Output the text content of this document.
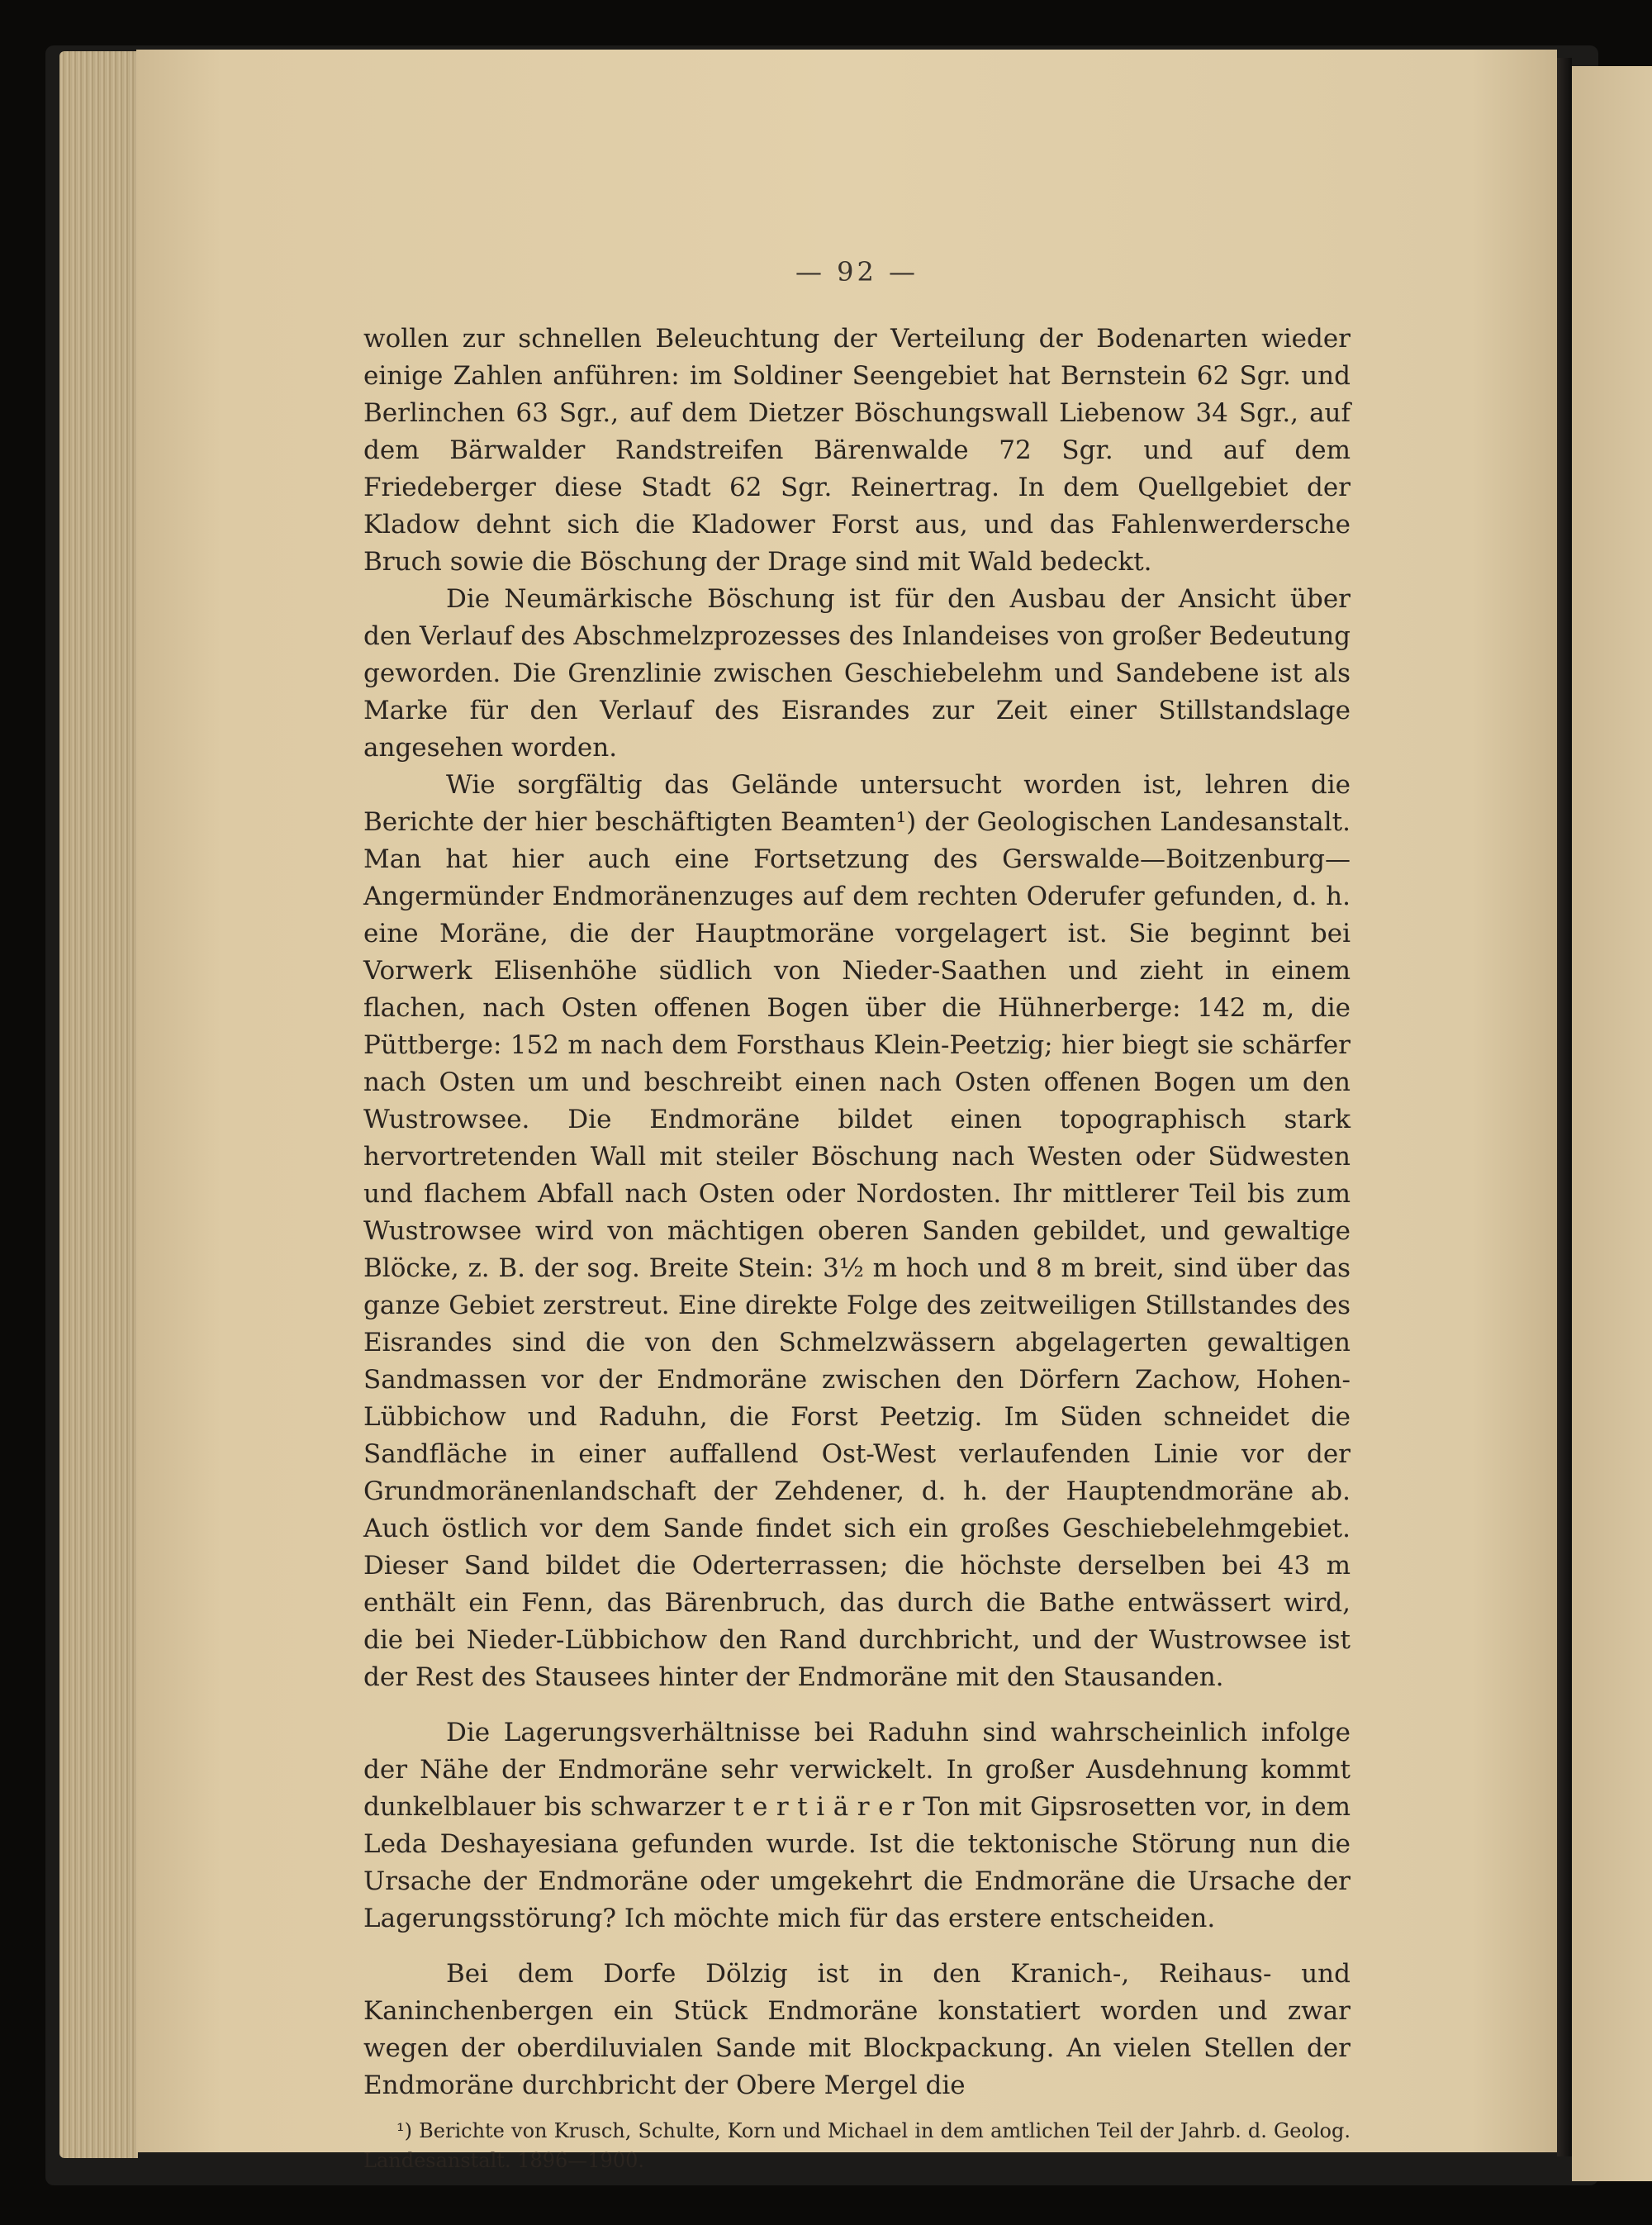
— 92 —

wollen zur schnellen Beleuchtung der Verteilung der Bodenarten wieder einige Zahlen anführen: im Soldiner Seengebiet hat Bernstein 62 Sgr. und Berlinchen 63 Sgr., auf dem Dietzer Böschungswall Liebenow 34 Sgr., auf dem Bärwalder Randstreifen Bärenwalde 72 Sgr. und auf dem Friedeberger diese Stadt 62 Sgr. Reinertrag. In dem Quellgebiet der Kladow dehnt sich die Kladower Forst aus, und das Fahlenwerdersche Bruch sowie die Böschung der Drage sind mit Wald bedeckt.

Die Neumärkische Böschung ist für den Ausbau der Ansicht über den Verlauf des Abschmelzprozesses des Inlandeises von großer Bedeutung geworden. Die Grenzlinie zwischen Geschiebelehm und Sandebene ist als Marke für den Verlauf des Eisrandes zur Zeit einer Stillstandslage angesehen worden.

Wie sorgfältig das Gelände untersucht worden ist, lehren die Berichte der hier beschäftigten Beamten¹) der Geologischen Landesanstalt. Man hat hier auch eine Fortsetzung des Gerswalde—Boitzenburg—Angermünder Endmoränenzuges auf dem rechten Oderufer gefunden, d. h. eine Moräne, die der Hauptmoräne vorgelagert ist. Sie beginnt bei Vorwerk Elisenhöhe südlich von Nieder-Saathen und zieht in einem flachen, nach Osten offenen Bogen über die Hühnerberge: 142 m, die Püttberge: 152 m nach dem Forsthaus Klein-Peetzig; hier biegt sie schärfer nach Osten um und beschreibt einen nach Osten offenen Bogen um den Wustrowsee. Die Endmoräne bildet einen topographisch stark hervortretenden Wall mit steiler Böschung nach Westen oder Südwesten und flachem Abfall nach Osten oder Nordosten. Ihr mittlerer Teil bis zum Wustrowsee wird von mächtigen oberen Sanden gebildet, und gewaltige Blöcke, z. B. der sog. Breite Stein: 3½ m hoch und 8 m breit, sind über das ganze Gebiet zerstreut. Eine direkte Folge des zeitweiligen Stillstandes des Eisrandes sind die von den Schmelzwässern abgelagerten gewaltigen Sandmassen vor der Endmoräne zwischen den Dörfern Zachow, Hohen-Lübbichow und Raduhn, die Forst Peetzig. Im Süden schneidet die Sandfläche in einer auffallend Ost-West verlaufenden Linie vor der Grundmoränenlandschaft der Zehdener, d. h. der Hauptendmoräne ab. Auch östlich vor dem Sande findet sich ein großes Geschiebelehmgebiet. Dieser Sand bildet die Oderterrassen; die höchste derselben bei 43 m enthält ein Fenn, das Bärenbruch, das durch die Bathe entwässert wird, die bei Nieder-Lübbichow den Rand durchbricht, und der Wustrowsee ist der Rest des Stausees hinter der Endmoräne mit den Stausanden.

Die Lagerungsverhältnisse bei Raduhn sind wahrscheinlich infolge der Nähe der Endmoräne sehr verwickelt. In großer Ausdehnung kommt dunkelblauer bis schwarzer t e r t i ä r e r Ton mit Gipsrosetten vor, in dem Leda Deshayesiana gefunden wurde. Ist die tektonische Störung nun die Ursache der Endmoräne oder umgekehrt die Endmoräne die Ursache der Lagerungsstörung? Ich möchte mich für das erstere entscheiden.

Bei dem Dorfe Dölzig ist in den Kranich-, Reihaus- und Kaninchenbergen ein Stück Endmoräne konstatiert worden und zwar wegen der oberdiluvialen Sande mit Blockpackung. An vielen Stellen der Endmoräne durchbricht der Obere Mergel die

¹) Berichte von Krusch, Schulte, Korn und Michael in dem amtlichen Teil der Jahrb. d. Geolog. Landesanstalt. 1896—1900.
